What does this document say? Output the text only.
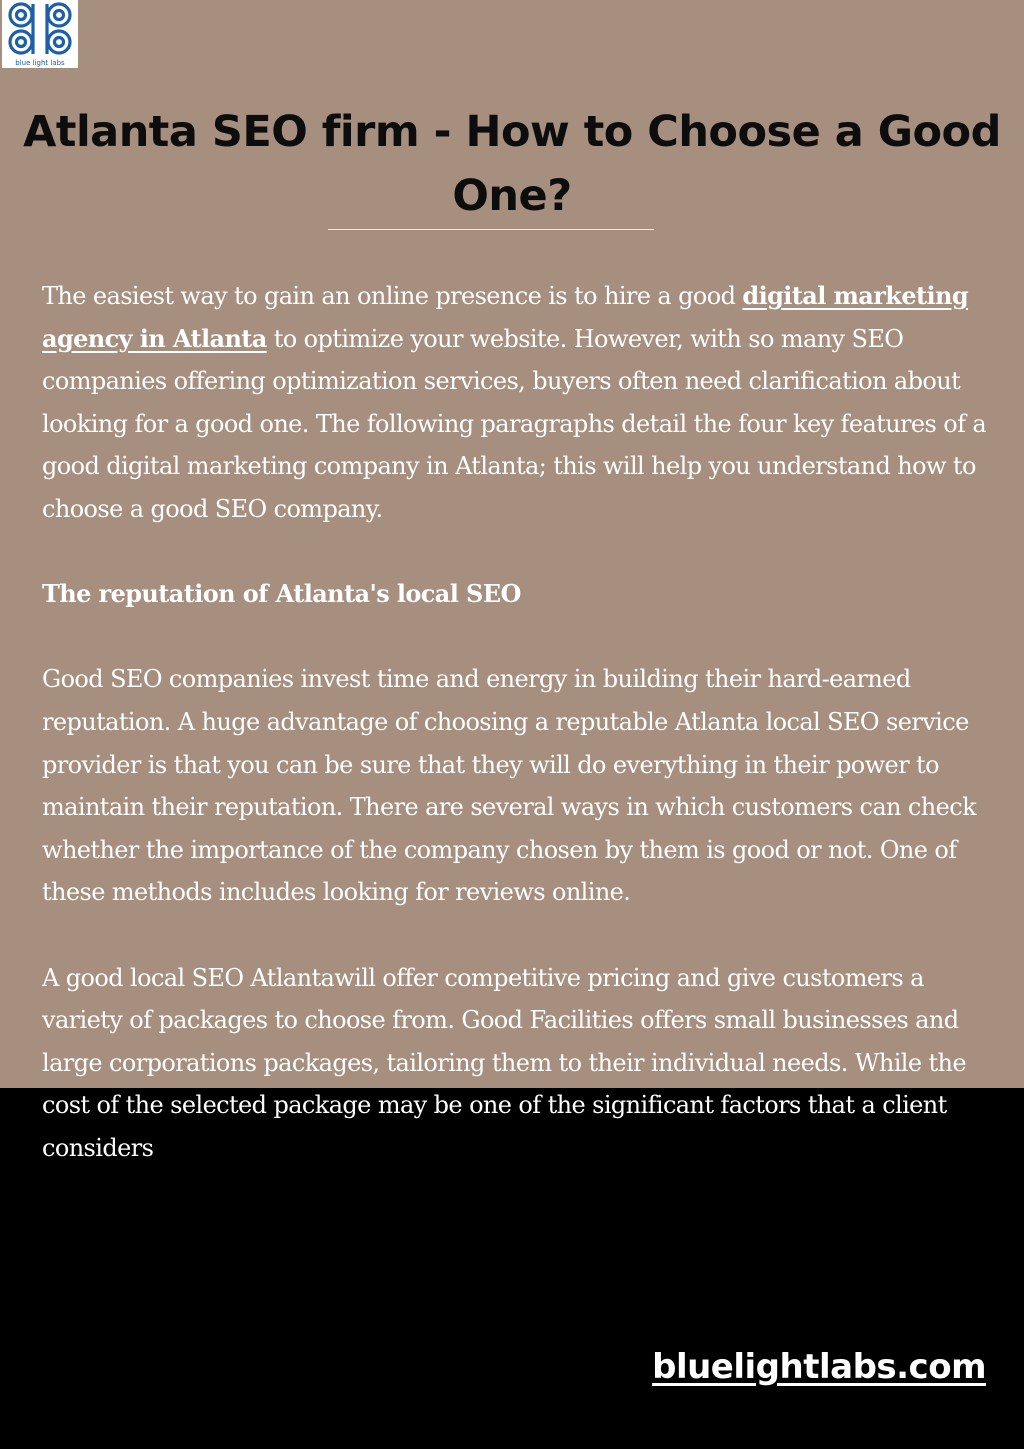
blue light labs
Atlanta SEO firm - How to Choose a Good
One?

The easiest way to gain an online presence is to hire a good digital marketing agency in Atlanta to optimize your website. However, with so many SEO companies offering optimization services, buyers often need clarification about looking for a good one. The following paragraphs detail the four key features of a good digital marketing company in Atlanta; this will help you understand how to choose a good SEO company.

The reputation of Atlanta's local SEO

Good SEO companies invest time and energy in building their hard-earned reputation. A huge advantage of choosing a reputable Atlanta local SEO service provider is that you can be sure that they will do everything in their power to maintain their reputation. There are several ways in which customers can check whether the importance of the company chosen by them is good or not. One of these methods includes looking for reviews online.

A good local SEO Atlantawill offer competitive pricing and give customers a variety of packages to choose from. Good Facilities offers small businesses and large corporations packages, tailoring them to their individual needs. While the cost of the selected package may be one of the significant factors that a client considers

bluelightlabs.com
